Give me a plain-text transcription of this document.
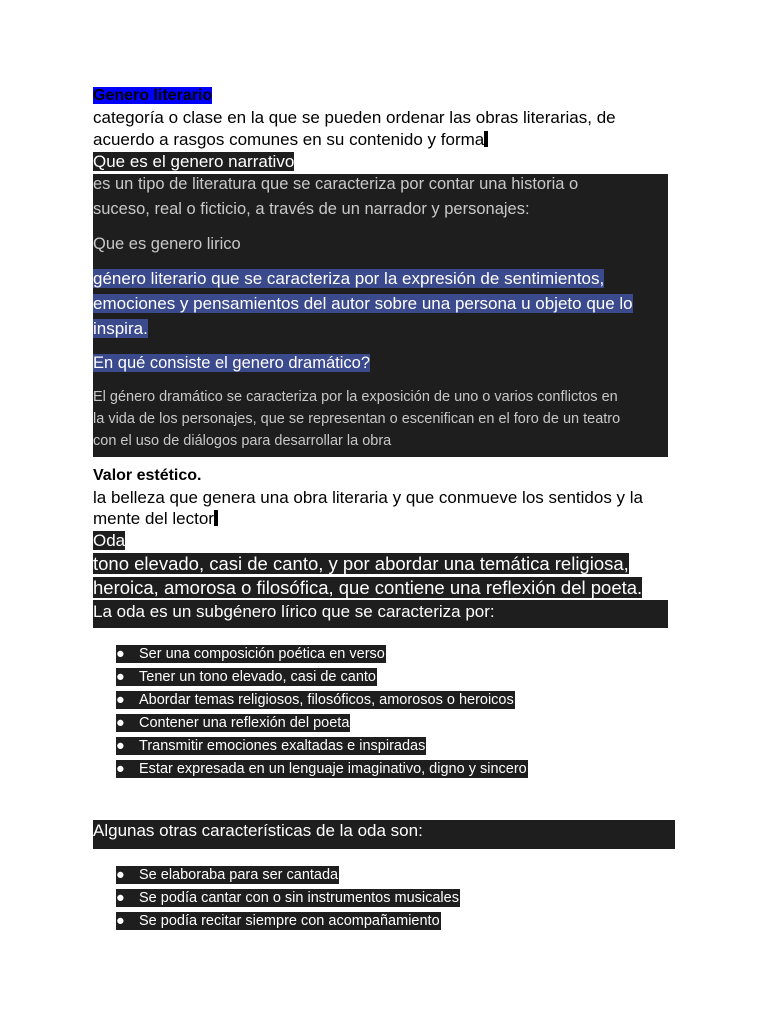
Genero literario
categoría o clase en la que se pueden ordenar las obras literarias, de
acuerdo a rasgos comunes en su contenido y forma
Que es el genero narrativo
es un tipo de literatura que se caracteriza por contar una historia o
suceso, real o ficticio, a través de un narrador y personajes:
Que es genero lirico
género literario que se caracteriza por la expresión de sentimientos,
emociones y pensamientos del autor sobre una persona u objeto que lo
inspira.
En qué consiste el genero dramático?
El género dramático se caracteriza por la exposición de uno o varios conflictos en
la vida de los personajes, que se representan o escenifican en el foro de un teatro
con el uso de diálogos para desarrollar la obra
Valor estético.
la belleza que genera una obra literaria y que conmueve los sentidos y la
mente del lector
Oda
tono elevado, casi de canto, y por abordar una temática religiosa,
heroica, amorosa o filosófica, que contiene una reflexión del poeta.
La oda es un subgénero lírico que se caracteriza por:
● Ser una composición poética en verso
● Tener un tono elevado, casi de canto
● Abordar temas religiosos, filosóficos, amorosos o heroicos
● Contener una reflexión del poeta
● Transmitir emociones exaltadas e inspiradas
● Estar expresada en un lenguaje imaginativo, digno y sincero
Algunas otras características de la oda son:
● Se elaboraba para ser cantada
● Se podía cantar con o sin instrumentos musicales
● Se podía recitar siempre con acompañamiento
